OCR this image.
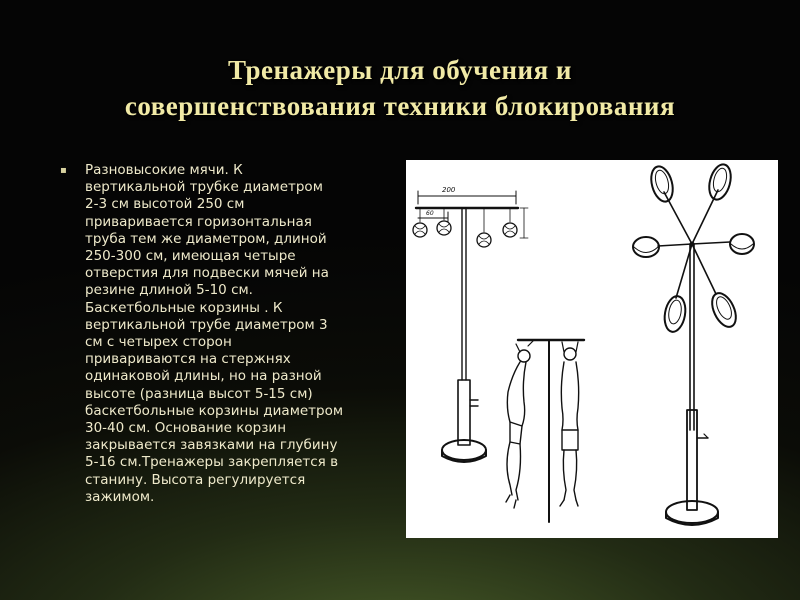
Тренажеры для обучения и
совершенствования техники блокирования
▪ Разновысокие мячи. К
вертикальной трубке диаметром
2-3 см высотой 250 см
приваривается горизонтальная
труба тем же диаметром, длиной
250-300 см, имеющая четыре
отверстия для подвески мячей на
резине длиной 5-10 см.
Баскетбольные корзины . К
вертикальной трубе диаметром 3
см с четырех сторон
привариваются на стержнях
одинаковой длины, но на разной
высоте (разница высот 5-15 см)
баскетбольные корзины диаметром
30-40 см. Основание корзин
закрывается завязками на глубину
5-16 см.Тренажеры закрепляется в
станину. Высота регулируется
зажимом.
200
60
